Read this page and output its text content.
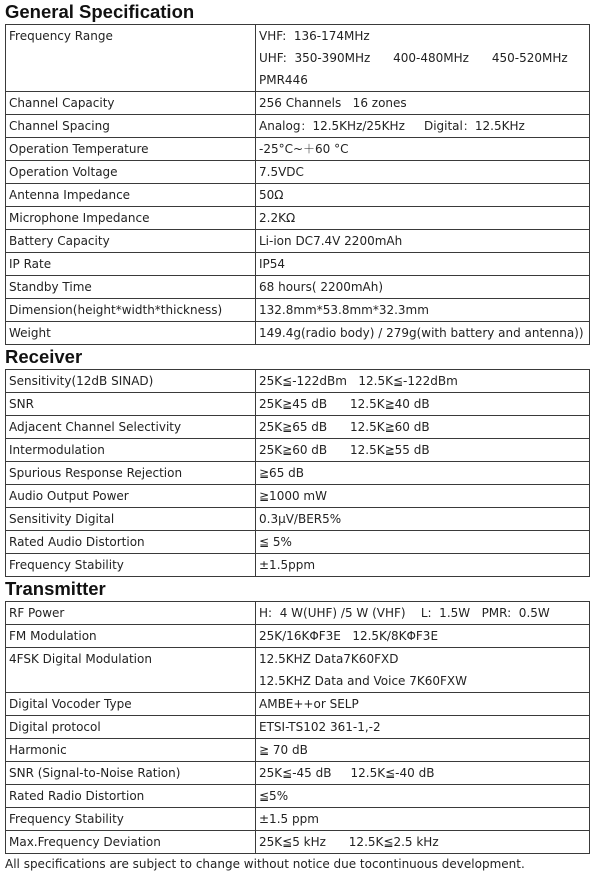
General Specification
Frequency Range	VHF:  136-174MHz
UHF:  350-390MHz      400-480MHz      450-520MHz
PMR446

Channel Capacity	256 Channels   16 zones

Channel Spacing	Analog：12.5KHz/25KHz     Digital：12.5KHz

Operation Temperature	-25°C~＋60 °C

Operation Voltage	7.5VDC

Antenna Impedance	50Ω

Microphone Impedance	2.2KΩ

Battery Capacity	Li-ion DC7.4V 2200mAh

IP Rate	IP54

Standby Time	68 hours( 2200mAh)

Dimension(height*width*thickness)	132.8mm*53.8mm*32.3mm

Weight	149.4g(radio body) / 279g(with battery and antenna))
Receiver
Sensitivity(12dB SINAD)	25K≦-122dBm   12.5K≦-122dBm

SNR	25K≧45 dB      12.5K≧40 dB

Adjacent Channel Selectivity	25K≧65 dB      12.5K≧60 dB

Intermodulation	25K≧60 dB      12.5K≧55 dB

Spurious Response Rejection	≧65 dB

Audio Output Power	≧1000 mW

Sensitivity Digital	0.3μV/BER5%

Rated Audio Distortion	≦ 5%

Frequency Stability	±1.5ppm
Transmitter
RF Power	H:  4 W(UHF) /5 W (VHF)    L:  1.5W   PMR:  0.5W

FM Modulation	25K/16KΦF3E   12.5K/8KΦF3E

4FSK Digital Modulation	12.5KHZ Data7K60FXD
12.5KHZ Data and Voice 7K60FXW

Digital Vocoder Type	AMBE++or SELP

Digital protocol	ETSI-TS102 361-1,-2

Harmonic	≧ 70 dB

SNR (Signal-to-Noise Ration)	25K≦-45 dB     12.5K≦-40 dB

Rated Radio Distortion	≦5%

Frequency Stability	±1.5 ppm

Max.Frequency Deviation	25K≦5 kHz      12.5K≦2.5 kHz
All specifications are subject to change without notice due tocontinuous development.
